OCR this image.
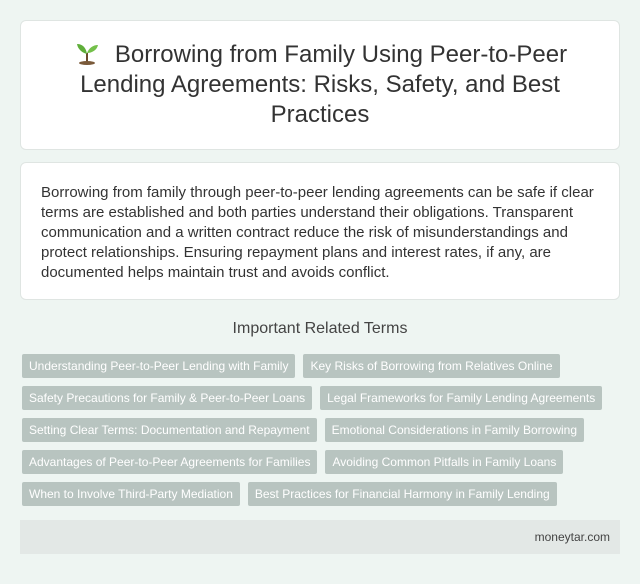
Borrowing from Family Using Peer-to-Peer Lending Agreements: Risks, Safety, and Best Practices

Borrowing from family through peer-to-peer lending agreements can be safe if clear terms are established and both parties understand their obligations. Transparent communication and a written contract reduce the risk of misunderstandings and protect relationships. Ensuring repayment plans and interest rates, if any, are documented helps maintain trust and avoids conflict.

Important Related Terms
Understanding Peer-to-Peer Lending with Family	Key Risks of Borrowing from Relatives Online
Safety Precautions for Family & Peer-to-Peer Loans	Legal Frameworks for Family Lending Agreements
Setting Clear Terms: Documentation and Repayment	Emotional Considerations in Family Borrowing
Advantages of Peer-to-Peer Agreements for Families	Avoiding Common Pitfalls in Family Loans
When to Involve Third-Party Mediation	Best Practices for Financial Harmony in Family Lending
moneytar.com
